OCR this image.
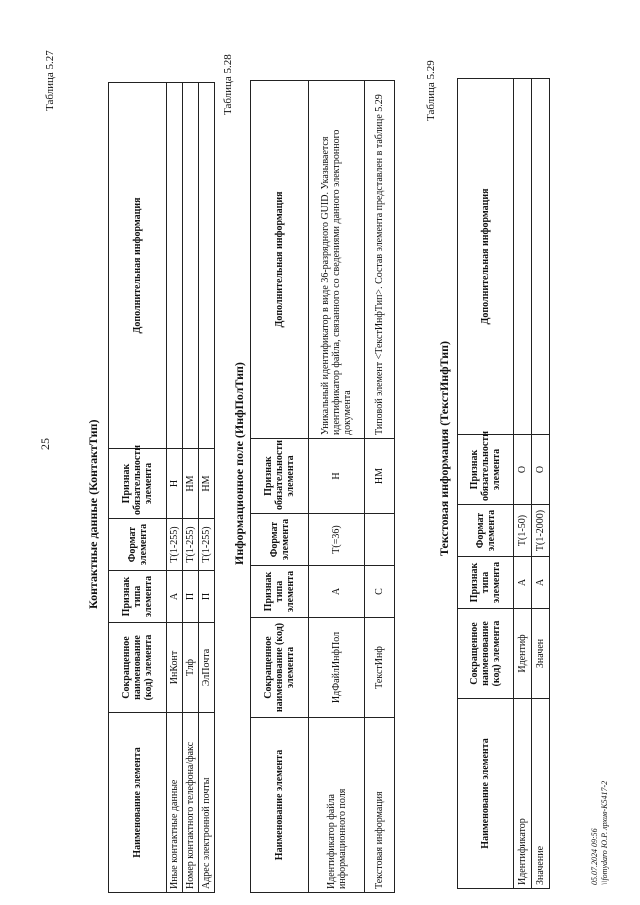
25
Таблица 5.27
Контактные данные (КонтактТип)
Наименование элемента	Сокращенное наименование (код) элемента	Признак типа элемента	Формат элемента	Признак обязательности элемента	Дополнительная информация
Иные контактные данные	ИнКонт	А	T(1-255)	Н	
Номер контактного телефона/факс	Тлф	П	T(1-255)	НМ	
Адрес электронной почты	ЭлПочта	П	T(1-255)	НМ	
Таблица 5.28
Информационное поле (ИнфПолТип)
Наименование элемента	Сокращенное наименование (код) элемента	Признак типа элемента	Формат элемента	Признак обязательности элемента	Дополнительная информация
Идентификатор файла информационного поля	ИдФайлИнфПол	А	T(=36)	Н	Уникальный идентификатор в виде 36-разрядного GUID. Указывается идентификатор файла, связанного со сведениями данного электронного документа
Текстовая информация	ТекстИнф	С		НМ	Типовой элемент <ТекстИнфТип>. Состав элемента представлен в таблице 5.29
Таблица 5.29
Текстовая информация (ТекстИнфТип)
Наименование элемента	Сокращенное наименование (код) элемента	Признак типа элемента	Формат элемента	Признак обязательности элемента	Дополнительная информация
Идентификатор	Идентиф	А	T(1-50)	О	
Значение	Значен	А	T(1-2000)	О	
05.07.2024 09:56 \\fomydaro Ю.Р. лрхив-К5417-2
